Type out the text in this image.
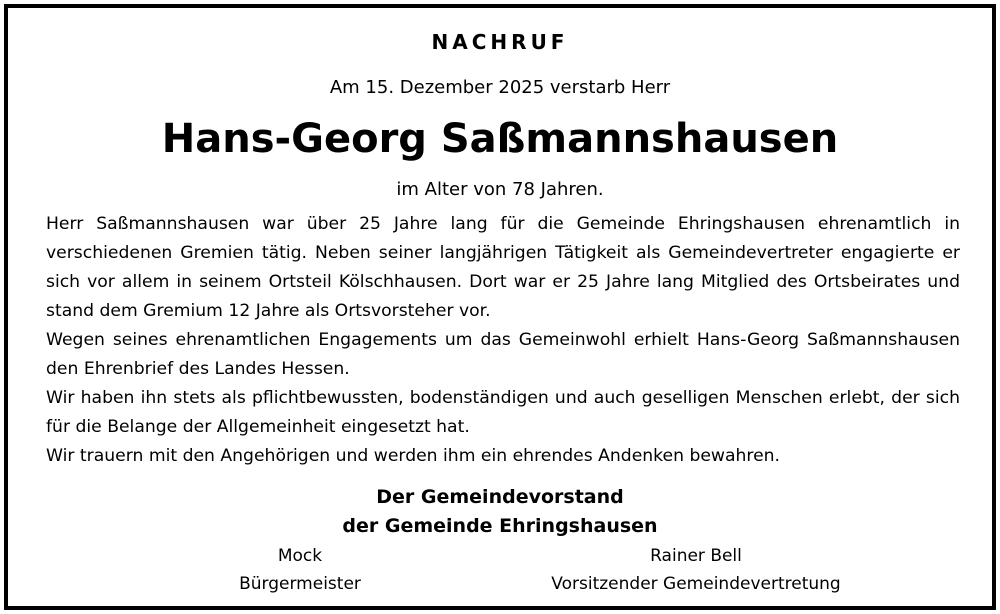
NACHRUF
Am 15. Dezember 2025 verstarb Herr
Hans-Georg Saßmannshausen
im Alter von 78 Jahren.

Herr Saßmannshausen war über 25 Jahre lang für die Gemeinde Ehringshausen ehrenamtlich in verschiedenen Gremien tätig. Neben seiner langjährigen Tätigkeit als Gemeindevertreter engagierte er sich vor allem in seinem Ortsteil Kölschhausen. Dort war er 25 Jahre lang Mitglied des Ortsbeirates und stand dem Gremium 12 Jahre als Ortsvorsteher vor.

Wegen seines ehrenamtlichen Engagements um das Gemeinwohl erhielt Hans-Georg Saßmannshausen den Ehrenbrief des Landes Hessen.

Wir haben ihn stets als pflichtbewussten, bodenständigen und auch geselligen Menschen erlebt, der sich für die Belange der Allgemeinheit eingesetzt hat.

Wir trauern mit den Angehörigen und werden ihm ein ehrendes Andenken bewahren.

Der Gemeindevorstand
der Gemeinde Ehringshausen
Mock
Bürgermeister
Rainer Bell
Vorsitzender Gemeindevertretung
